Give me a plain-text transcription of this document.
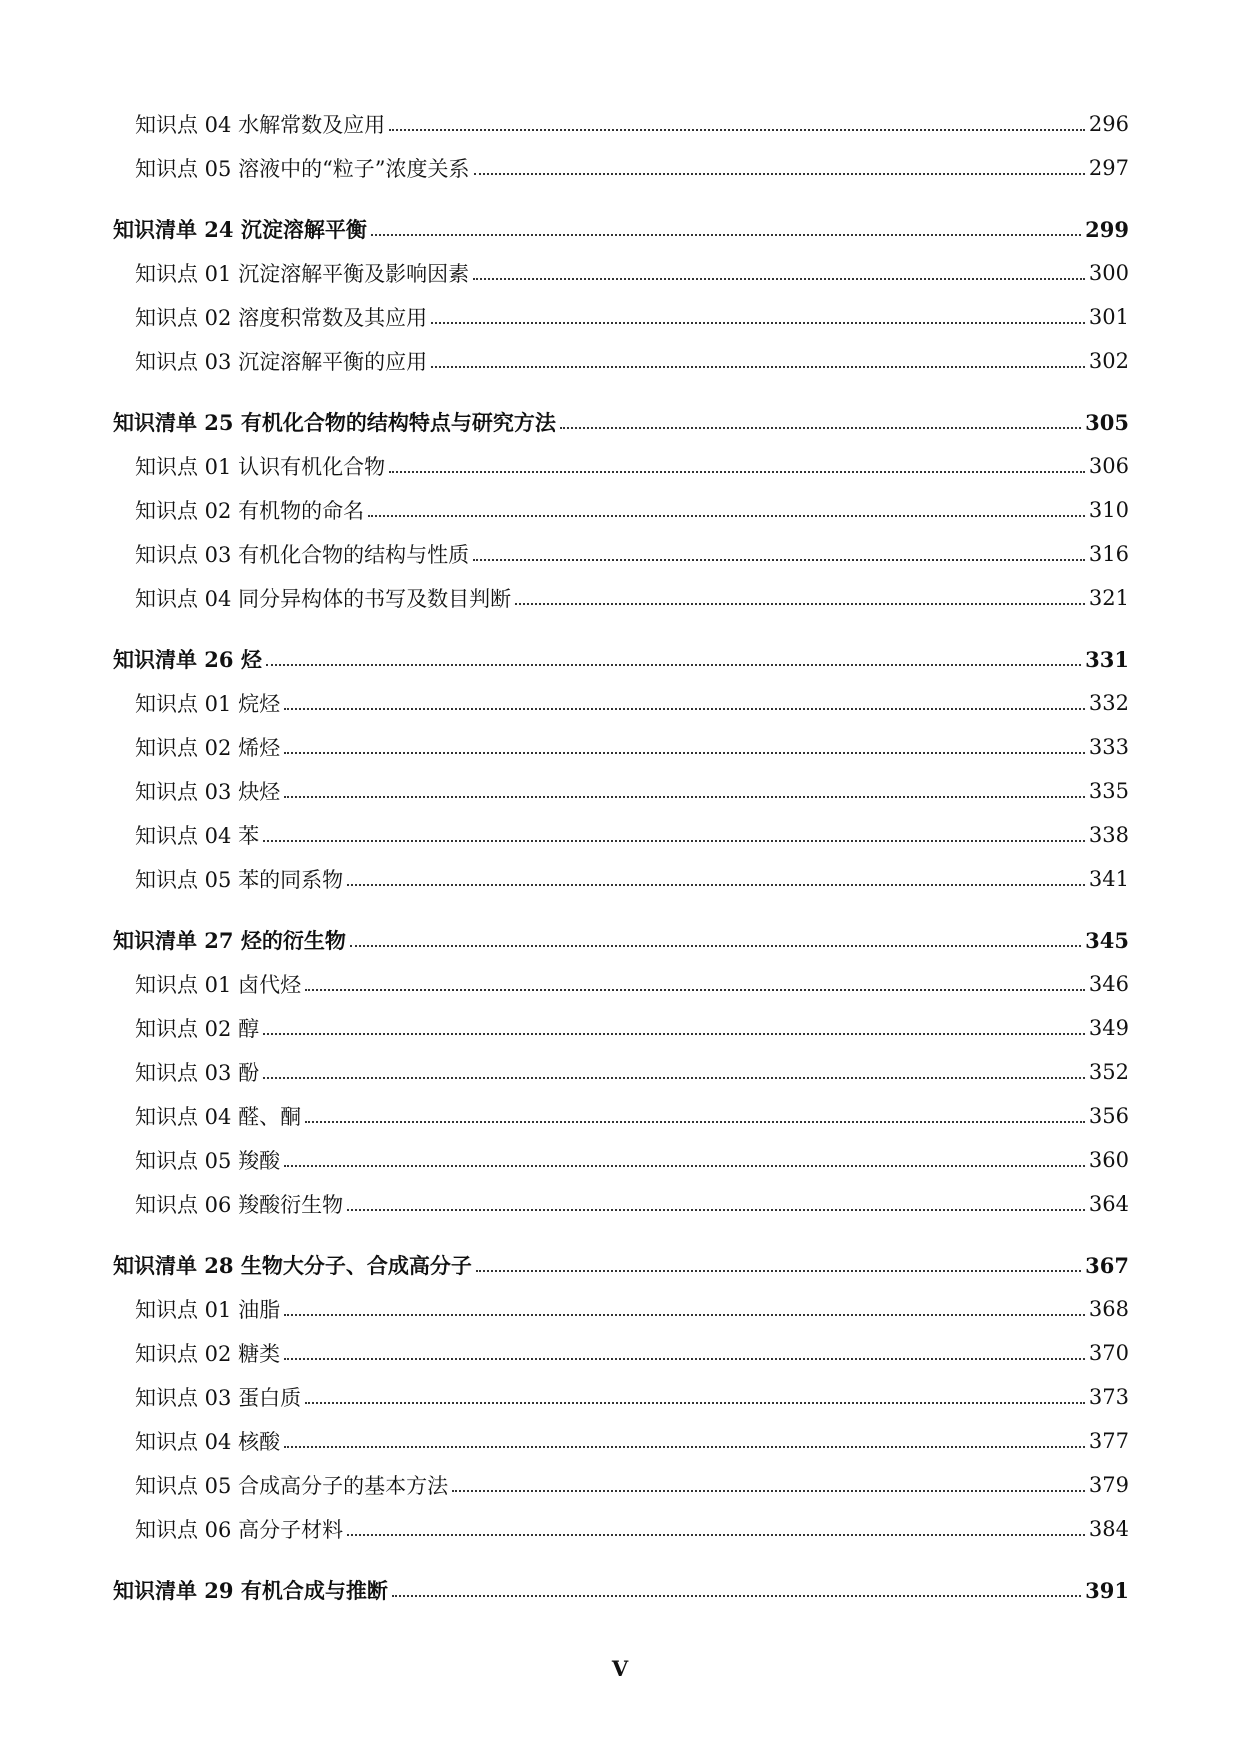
知识点 04 水解常数及应用	296
知识点 05 溶液中的“粒子”浓度关系	297
知识清单 24 沉淀溶解平衡	299
知识点 01 沉淀溶解平衡及影响因素	300
知识点 02 溶度积常数及其应用	301
知识点 03 沉淀溶解平衡的应用	302
知识清单 25 有机化合物的结构特点与研究方法	305
知识点 01 认识有机化合物	306
知识点 02 有机物的命名	310
知识点 03 有机化合物的结构与性质	316
知识点 04 同分异构体的书写及数目判断	321
知识清单 26 烃	331
知识点 01 烷烃	332
知识点 02 烯烃	333
知识点 03 炔烃	335
知识点 04 苯	338
知识点 05 苯的同系物	341
知识清单 27 烃的衍生物	345
知识点 01 卤代烃	346
知识点 02 醇	349
知识点 03 酚	352
知识点 04 醛、酮	356
知识点 05 羧酸	360
知识点 06 羧酸衍生物	364
知识清单 28 生物大分子、合成高分子	367
知识点 01 油脂	368
知识点 02 糖类	370
知识点 03 蛋白质	373
知识点 04 核酸	377
知识点 05 合成高分子的基本方法	379
知识点 06 高分子材料	384
知识清单 29 有机合成与推断	391
V
